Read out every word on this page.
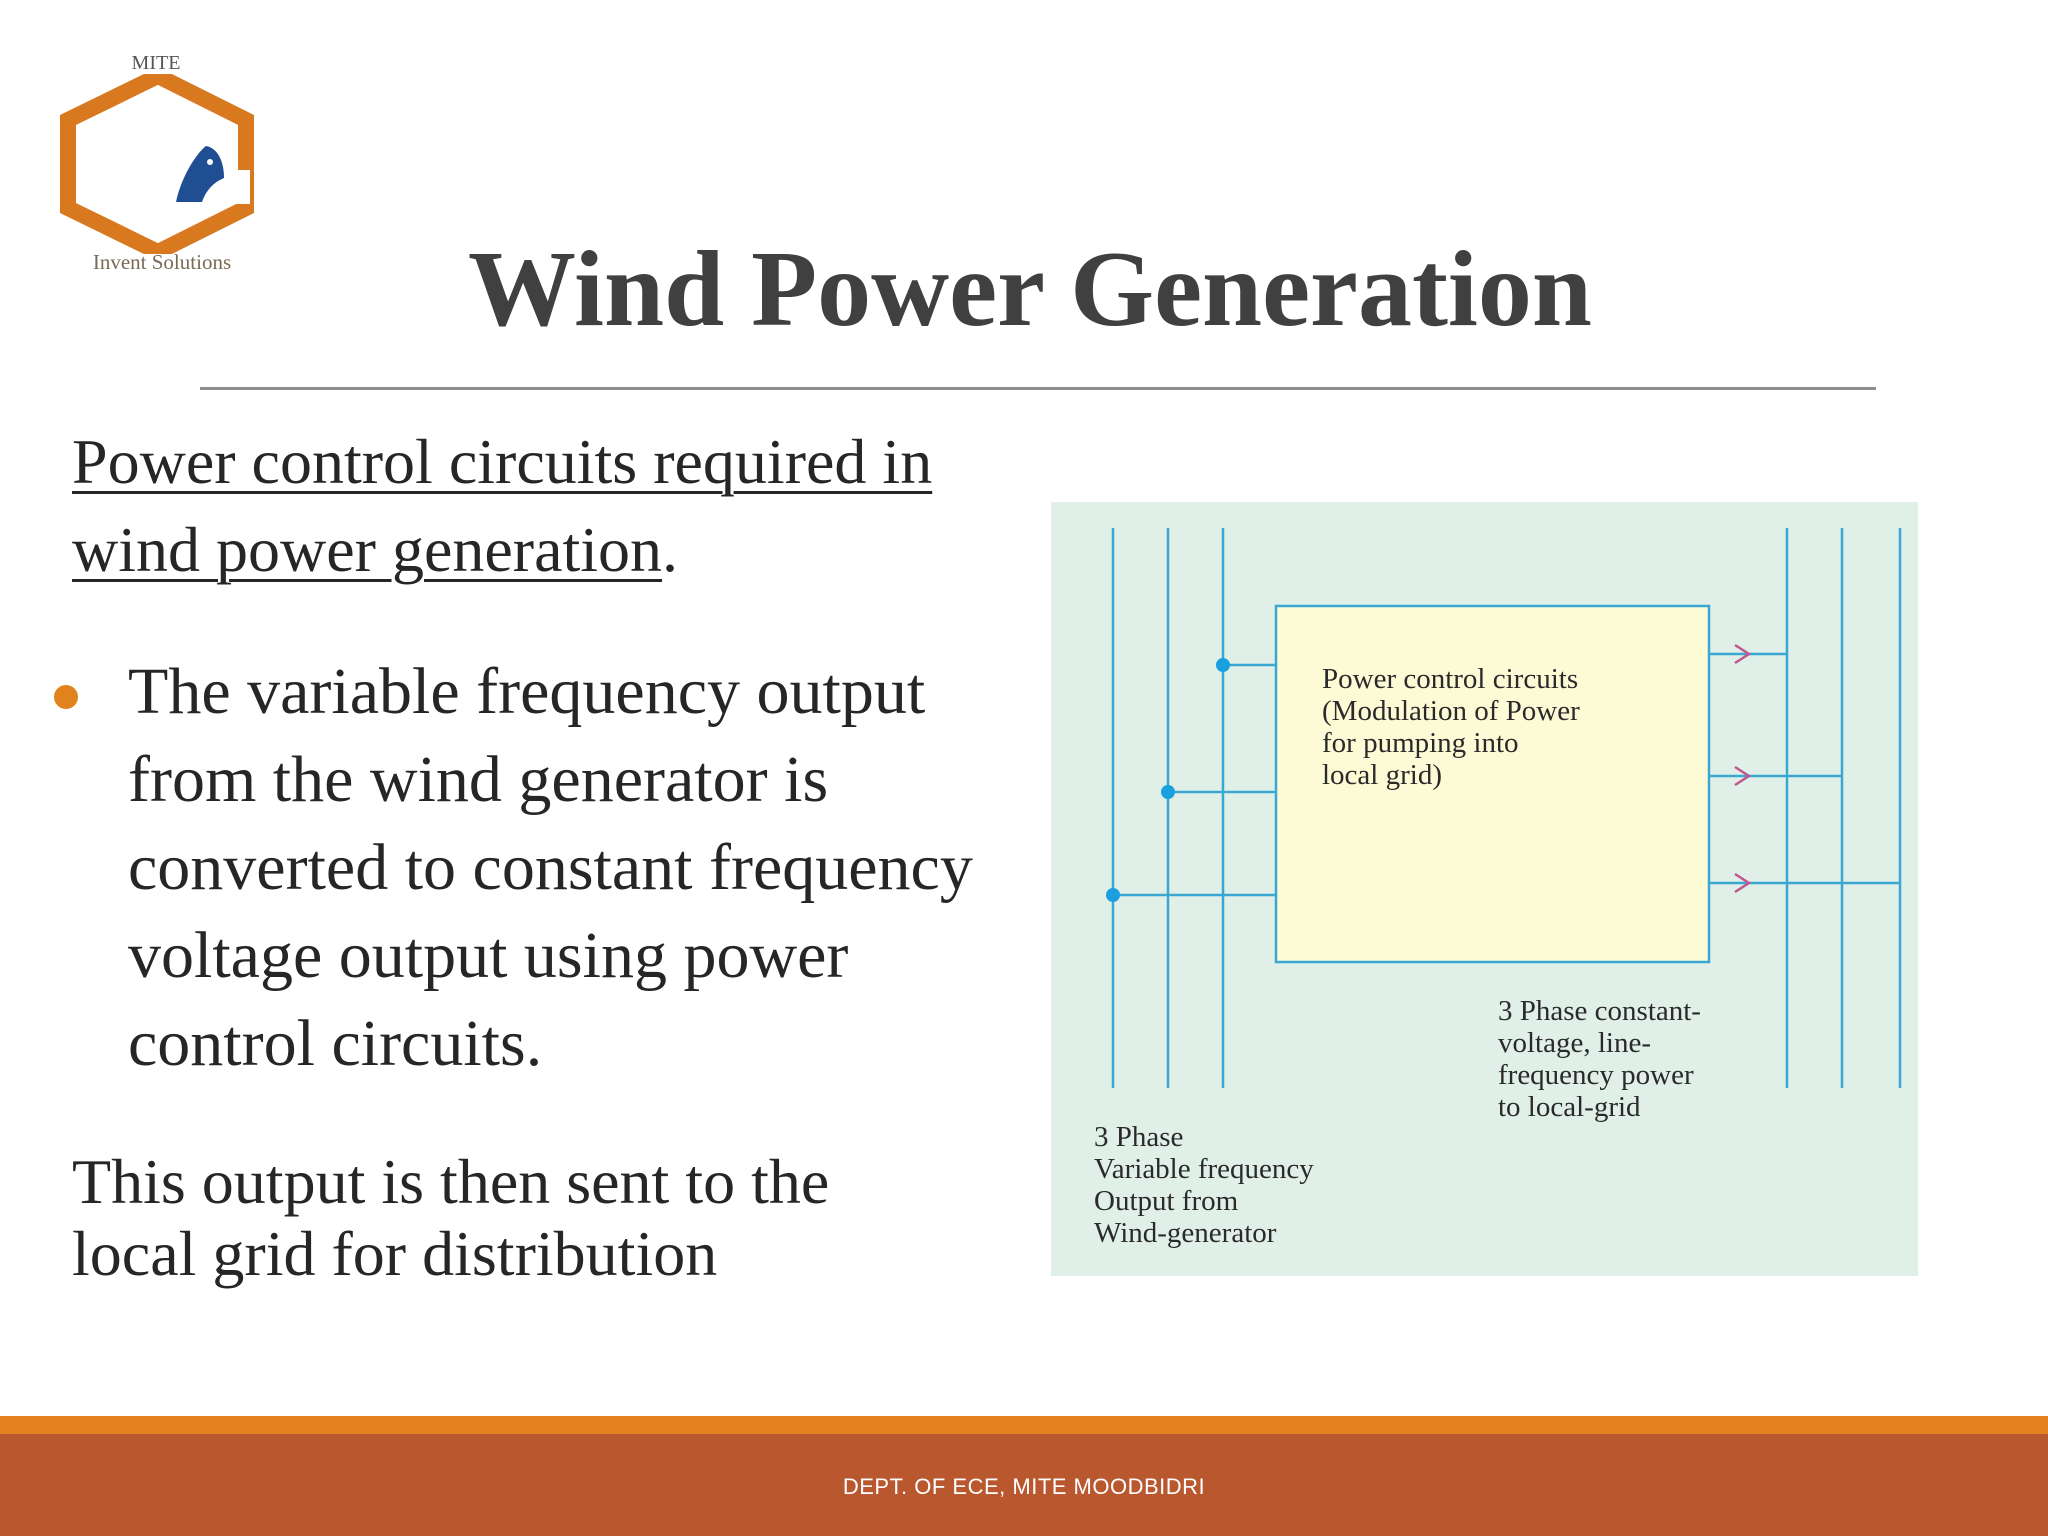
MITE
Invent Solutions	Wind Power Generation
Power control circuits required in
wind power generation.
The variable frequency output
from the wind generator is
converted to constant frequency
voltage output using power
control circuits.
This output is then sent to the
local grid for distribution
Power control circuits
(Modulation of Power
for pumping into
local grid)
3 Phase constant-
voltage, line-
frequency power
to local-grid
3 Phase
Variable frequency
Output from
Wind-generator
DEPT. OF ECE, MITE MOODBIDRI
